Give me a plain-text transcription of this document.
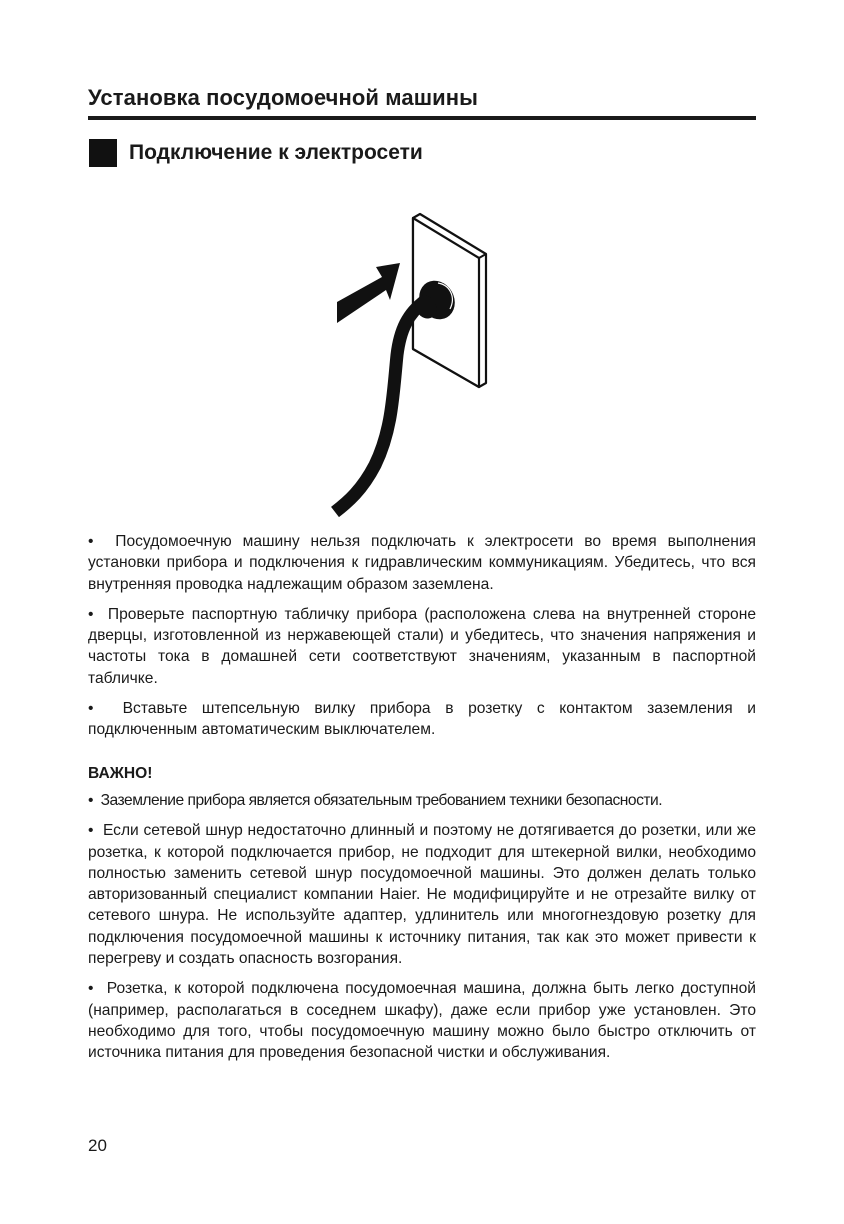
Установка посудомоечной машины
Подключение к электросети

•  Посудомоечную машину нельзя подключать к электросети во время выполнения установки прибора и подключения к гидравлическим коммуникациям. Убедитесь, что вся внутренняя проводка надлежащим образом заземлена.

•  Проверьте паспортную табличку прибора (расположена слева на внутренней стороне дверцы, изготовленной из нержавеющей стали) и убедитесь, что значения напряжения и частоты тока в домашней сети соответствуют значениям, указанным в паспортной табличке.

•  Вставьте штепсельную вилку прибора в розетку с контактом заземления и подключенным автоматическим выключателем.

ВАЖНО!

•  Заземление прибора является обязательным требованием техники безопасности.

•  Если сетевой шнур недостаточно длинный и поэтому не дотягивается до розетки, или же розетка, к которой подключается прибор, не подходит для штекерной вилки, необходимо полностью заменить сетевой шнур посудомоечной машины. Это должен делать только авторизованный специалист компании Haier. Не модифицируйте и не отрезайте вилку от сетевого шнура. Не используйте адаптер, удлинитель или многогнездовую розетку для подключения посудомоечной машины к источнику питания, так как это может привести к перегреву и создать опасность возгорания.

•  Розетка, к которой подключена посудомоечная машина, должна быть легко доступной (например, располагаться в соседнем шкафу), даже если прибор уже установлен. Это необходимо для того, чтобы посудомоечную машину можно было быстро отключить от источника питания для проведения безопасной чистки и обслуживания.

20
